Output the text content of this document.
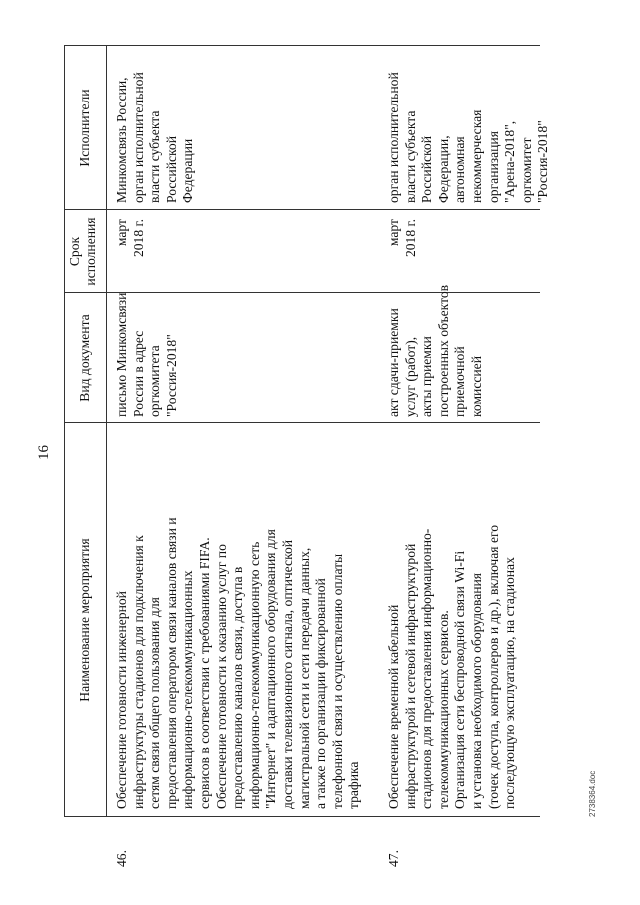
16
Наименование мероприятия
Вид документа
Срок исполнения
Исполнители
46.
Обеспечение готовности инженерной инфраструктуры стадионов для подключения к сетям связи общего пользования для предоставления оператором связи каналов связи и информационно-телекоммуникационных сервисов в соответствии с требованиями FIFA. Обеспечение готовности к оказанию услуг по предоставлению каналов связи, доступа в информационно-телекоммуникационную сеть "Интернет" и адаптационного оборудования для доставки телевизионного сигнала, оптической магистральной сети и сети передачи данных, а также по организации фиксированной телефонной связи и осуществлению оплаты трафика
письмо Минкомсвязи России в адрес оргкомитета "Россия-2018"
март 2018 г.
Минкомсвязь России, орган исполнительной власти субъекта Российской Федерации
47.
Обеспечение временной кабельной инфраструктурой и сетевой инфраструктурой стадионов для предоставления информационно- телекоммуникационных сервисов. Организация сети беспроводной связи Wi-Fi и установка необходимого оборудования (точек доступа, контроллеров и др.), включая его последующую эксплуатацию, на стадионах
акт сдачи-приемки услуг (работ), акты приемки построенных объектов приемочной комиссией
март 2018 г.
орган исполнительной власти субъекта Российской Федерации, автономная некоммерческая организация "Арена-2018", оргкомитет "Россия-2018"
2738364.doc
